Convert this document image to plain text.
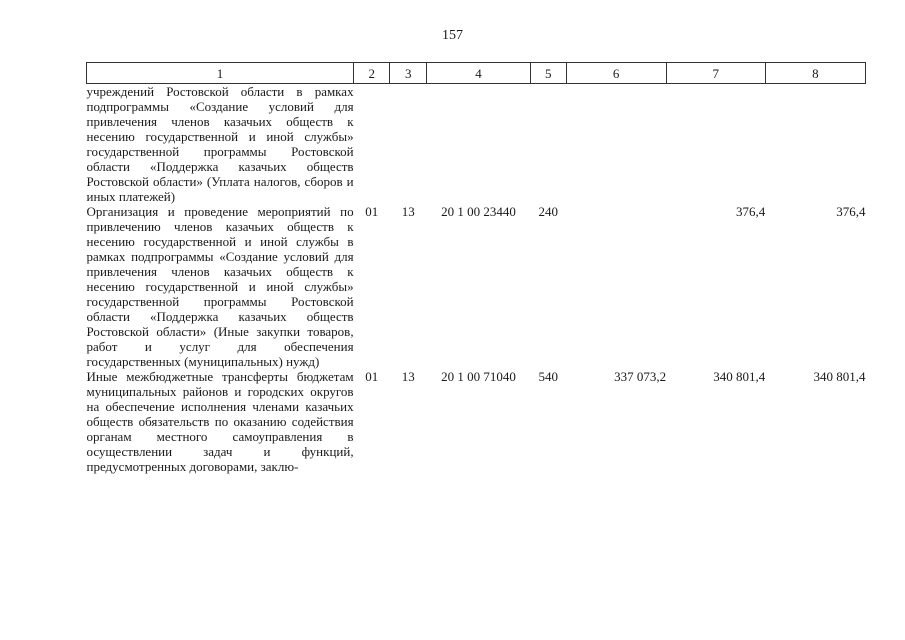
157
1	2	3	4	5	6	7	8
учреждений Ростовской области в рамках подпрограммы «Создание условий для привлечения членов казачьих обществ к несению государственной и иной службы» государственной программы Ростовской области «Поддержка казачьих обществ Ростовской области» (Уплата налогов, сборов и иных платежей)							
Организация и проведение мероприятий по привлечению членов казачьих обществ к несению государственной и иной службы в рамках подпрограммы «Создание условий для привлечения членов казачьих обществ к несению государственной и иной службы» государственной программы Ростовской области «Поддержка казачьих обществ Ростовской области» (Иные закупки товаров, работ и услуг для обеспечения государственных (муниципальных) нужд)	01	13	20 1 00 23440	240		376,4	376,4
Иные межбюджетные трансферты бюджетам муниципальных районов и городских округов на обеспечение исполнения членами казачьих обществ обязательств по оказанию содействия органам местного самоуправления в осуществлении задач и функций, предусмотренных договорами, заклю-	01	13	20 1 00 71040	540	337 073,2	340 801,4	340 801,4
